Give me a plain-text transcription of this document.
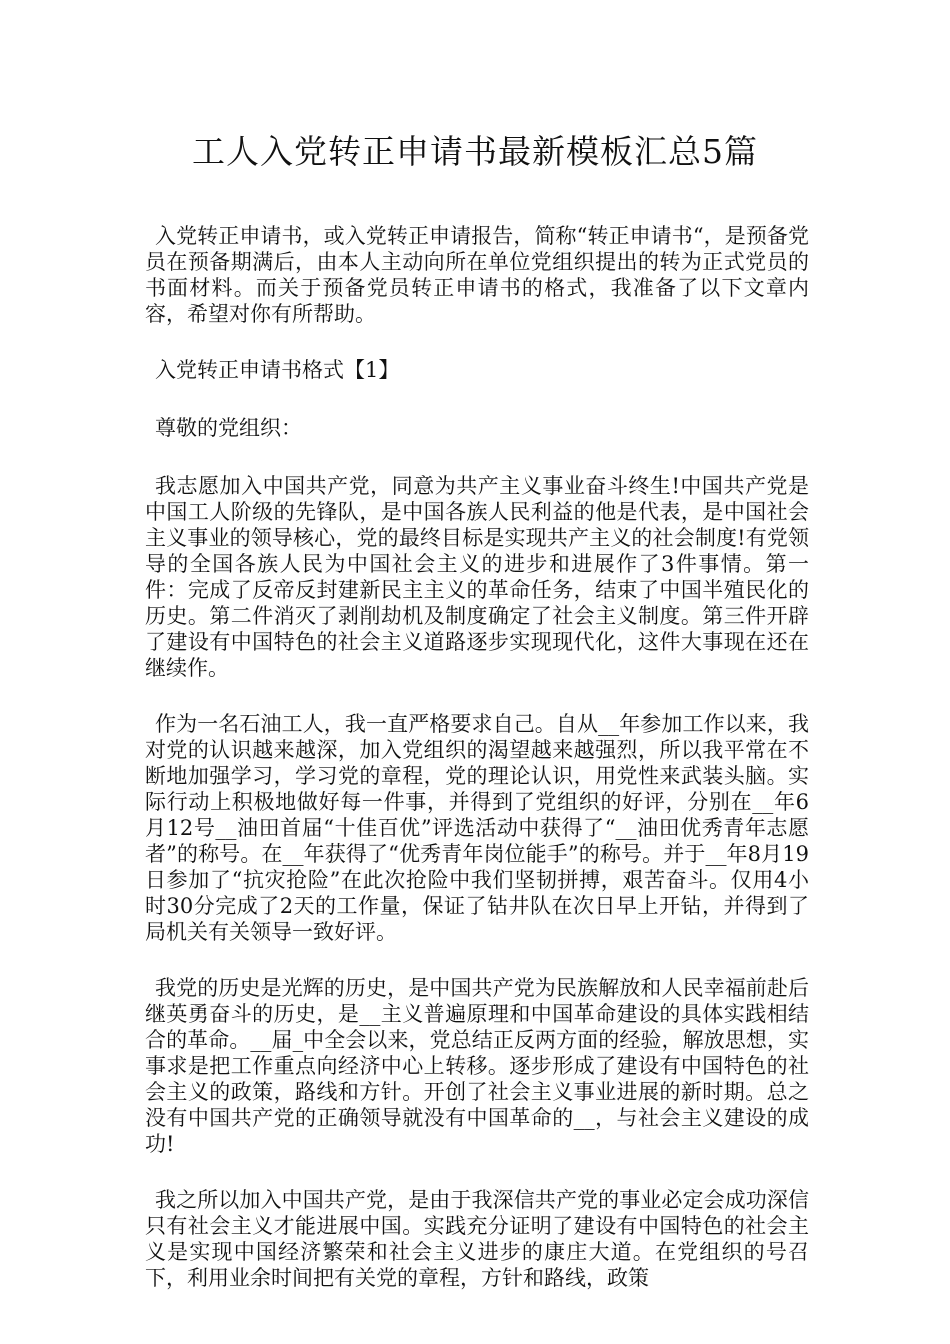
工人入党转正申请书最新模板汇总5篇

入党转正申请书，或入党转正申请报告，简称“转正申请书“，是预备党员在预备期满后，由本人主动向所在单位党组织提出的转为正式党员的书面材料。而关于预备党员转正申请书的格式，我准备了以下文章内容，希望对你有所帮助。

入党转正申请书格式【1】

尊敬的党组织：

我志愿加入中国共产党，同意为共产主义事业奋斗终生!中国共产党是中国工人阶级的先锋队，是中国各族人民利益的他是代表，是中国社会主义事业的领导核心，党的最终目标是实现共产主义的社会制度!有党领导的全国各族人民为中国社会主义的进步和进展作了3件事情。第一件：完成了反帝反封建新民主主义的革命任务，结束了中国半殖民化的历史。第二件消灭了剥削劫机及制度确定了社会主义制度。第三件开辟了建设有中国特色的社会主义道路逐步实现现代化，这件大事现在还在继续作。

作为一名石油工人，我一直严格要求自己。自从__年参加工作以来，我对党的认识越来越深，加入党组织的渴望越来越强烈，所以我平常在不断地加强学习，学习党的章程，党的理论认识，用党性来武装头脑。实际行动上积极地做好每一件事，并得到了党组织的好评，分别在__年6月12号__油田首届“十佳百优”评选活动中获得了“__油田优秀青年志愿者”的称号。在__年获得了“优秀青年岗位能手”的称号。并于__年8月19日参加了“抗灾抢险”在此次抢险中我们坚韧拼搏，艰苦奋斗。仅用4小时30分完成了2天的工作量，保证了钻井队在次日早上开钻，并得到了局机关有关领导一致好评。

我党的历史是光辉的历史，是中国共产党为民族解放和人民幸福前赴后继英勇奋斗的历史，是__主义普遍原理和中国革命建设的具体实践相结合的革命。__届_中全会以来，党总结正反两方面的经验，解放思想，实事求是把工作重点向经济中心上转移。逐步形成了建设有中国特色的社会主义的政策，路线和方针。开创了社会主义事业进展的新时期。总之没有中国共产党的正确领导就没有中国革命的__，与社会主义建设的成功!

我之所以加入中国共产党，是由于我深信共产党的事业必定会成功深信只有社会主义才能进展中国。实践充分证明了建设有中国特色的社会主义是实现中国经济繁荣和社会主义进步的康庄大道。在党组织的号召下，利用业余时间把有关党的章程，方针和路线，政策
